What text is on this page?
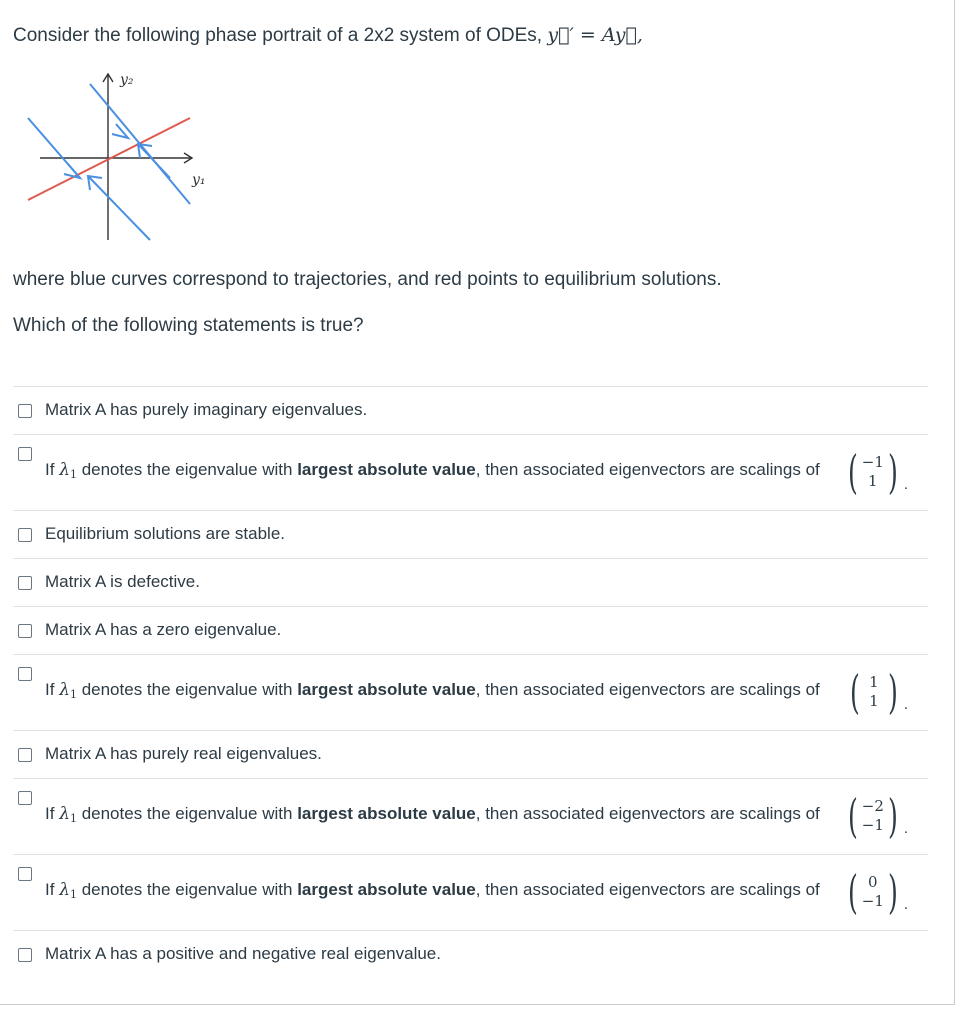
Consider the following phase portrait of a 2x2 system of ODEs, y⃗′ = Ay⃗,
y₂
y₁
where blue curves correspond to trajectories, and red points to equilibrium solutions.
Which of the following statements is true?
Matrix A has purely imaginary eigenvalues.
If $\lambda_1$ denotes the eigenvalue with largest absolute value, then associated eigenvectors are scalings of ( −1
1 ) .
Equilibrium solutions are stable.
Matrix A is defective.
Matrix A has a zero eigenvalue.
If $\lambda_1$ denotes the eigenvalue with largest absolute value, then associated eigenvectors are scalings of ( 1
1 ) .
Matrix A has purely real eigenvalues.
If $\lambda_1$ denotes the eigenvalue with largest absolute value, then associated eigenvectors are scalings of ( −2
−1 ) .
If $\lambda_1$ denotes the eigenvalue with largest absolute value, then associated eigenvectors are scalings of ( 0
−1 ) .
Matrix A has a positive and negative real eigenvalue.
